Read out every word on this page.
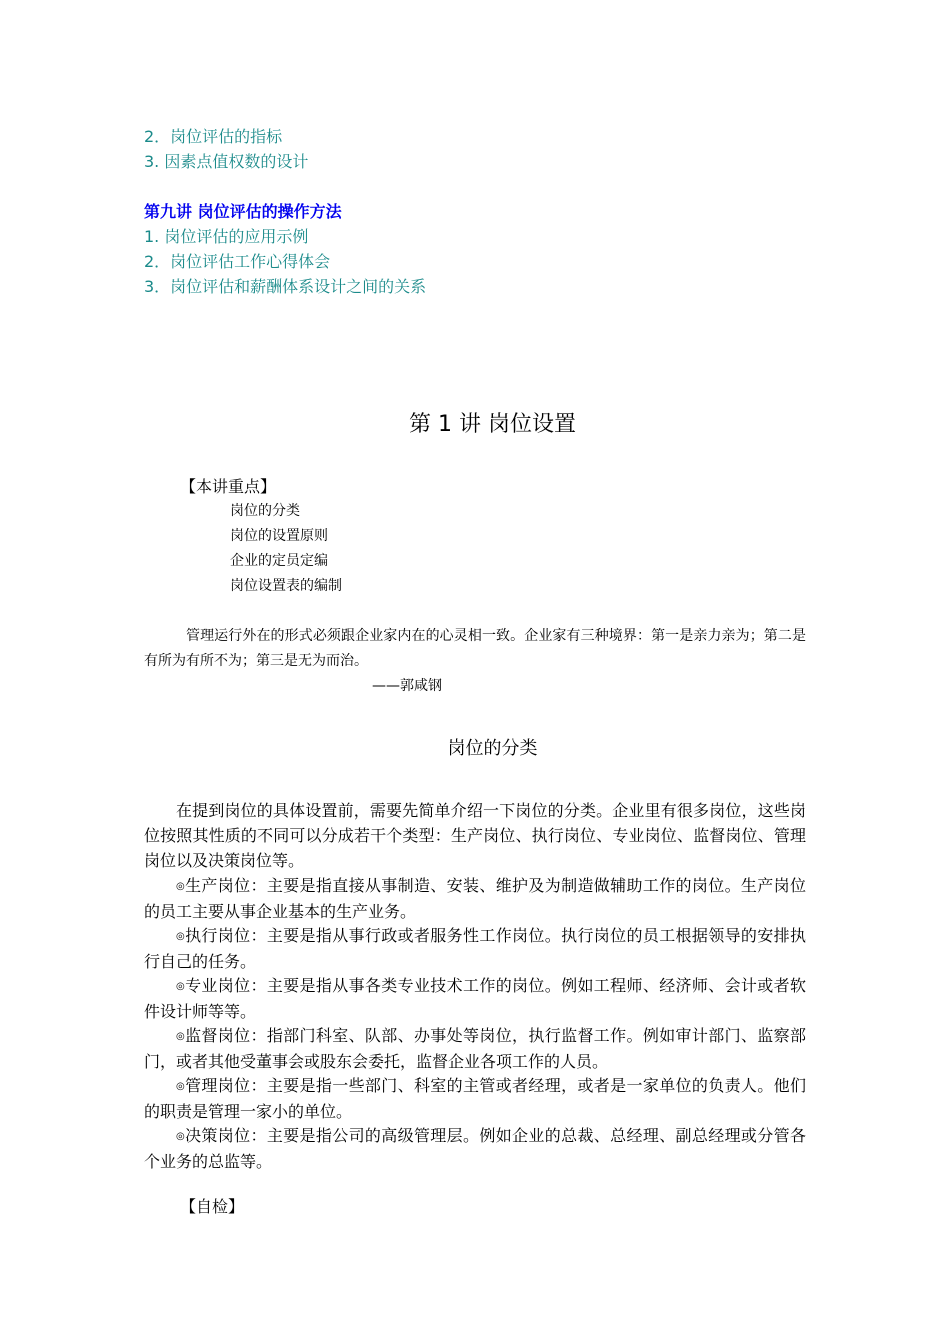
2．岗位评估的指标
3. 因素点值权数的设计
第九讲 岗位评估的操作方法
1. 岗位评估的应用示例
2．岗位评估工作心得体会
3．岗位评估和薪酬体系设计之间的关系
第 1 讲 岗位设置
【本讲重点】
岗位的分类
岗位的设置原则
企业的定员定编
岗位设置表的编制
管理运行外在的形式必须跟企业家内在的心灵相一致。企业家有三种境界：第一是亲力亲为；第二是有所为有所不为；第三是无为而治。
——郭咸钢
岗位的分类
在提到岗位的具体设置前，需要先简单介绍一下岗位的分类。企业里有很多岗位，这些岗位按照其性质的不同可以分成若干个类型：生产岗位、执行岗位、专业岗位、监督岗位、管理岗位以及决策岗位等。
◎生产岗位：主要是指直接从事制造、安装、维护及为制造做辅助工作的岗位。生产岗位的员工主要从事企业基本的生产业务。
◎执行岗位：主要是指从事行政或者服务性工作岗位。执行岗位的员工根据领导的安排执行自己的任务。
◎专业岗位：主要是指从事各类专业技术工作的岗位。例如工程师、经济师、会计或者软件设计师等等。
◎监督岗位：指部门科室、队部、办事处等岗位，执行监督工作。例如审计部门、监察部门，或者其他受董事会或股东会委托，监督企业各项工作的人员。
◎管理岗位：主要是指一些部门、科室的主管或者经理，或者是一家单位的负责人。他们的职责是管理一家小的单位。
◎决策岗位：主要是指公司的高级管理层。例如企业的总裁、总经理、副总经理或分管各个业务的总监等。
【自检】
